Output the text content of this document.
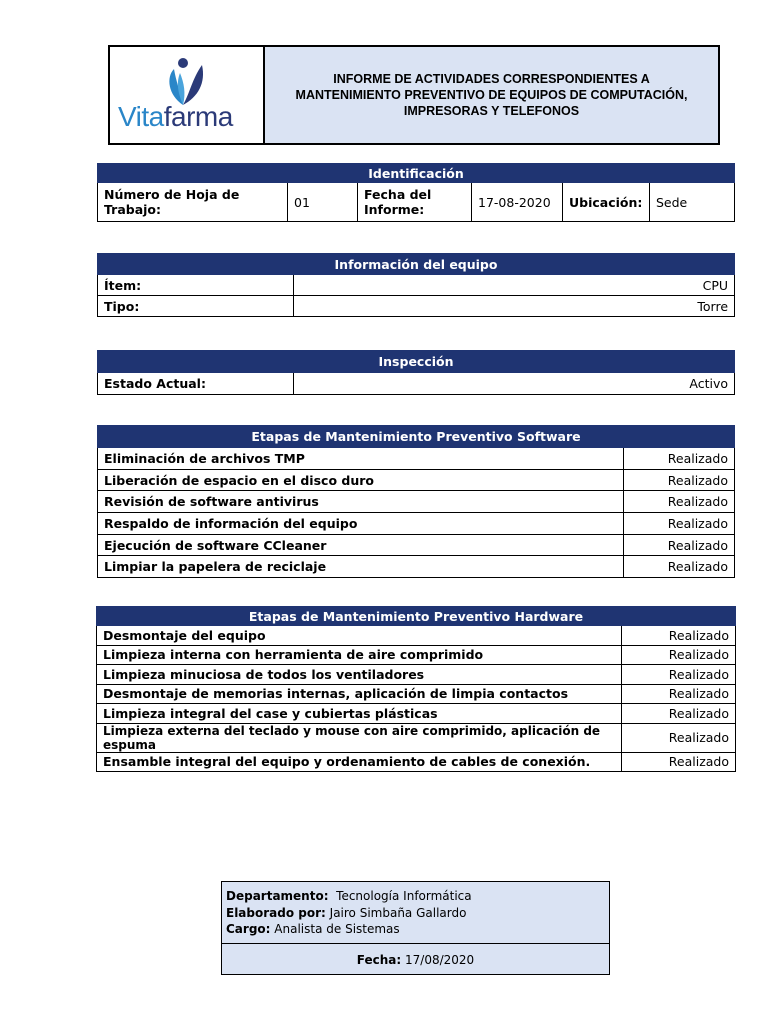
Vitafarma
INFORME DE ACTIVIDADES CORRESPONDIENTES A
MANTENIMIENTO PREVENTIVO DE EQUIPOS DE COMPUTACIÓN,
IMPRESORAS Y TELEFONOS
Identificación
Número de Hoja de Trabajo:	01	Fecha del Informe:	17-08-2020	Ubicación:	Sede
Información del equipo	
Ítem:	CPU
Tipo:	Torre
Inspección
Estado Actual:	Activo
Etapas de Mantenimiento Preventivo Software	
Eliminación de archivos TMP	Realizado
Liberación de espacio en el disco duro	Realizado
Revisión de software antivirus	Realizado
Respaldo de información del equipo	Realizado
Ejecución de software CCleaner	Realizado
Limpiar la papelera de reciclaje	Realizado
Etapas de Mantenimiento Preventivo Hardware	
Desmontaje del equipo	Realizado
Limpieza interna con herramienta de aire comprimido	Realizado
Limpieza minuciosa de todos los ventiladores	Realizado
Desmontaje de memorias internas, aplicación de limpia contactos	Realizado
Limpieza integral del case y cubiertas plásticas	Realizado
Limpieza externa del teclado y mouse con aire comprimido, aplicación de espuma	Realizado
Ensamble integral del equipo y ordenamiento de cables de conexión.	Realizado
Departamento: Tecnología Informática
Elaborado por: Jairo Simbaña Gallardo
Cargo: Analista de Sistemas
Fecha:
17/08/2020
